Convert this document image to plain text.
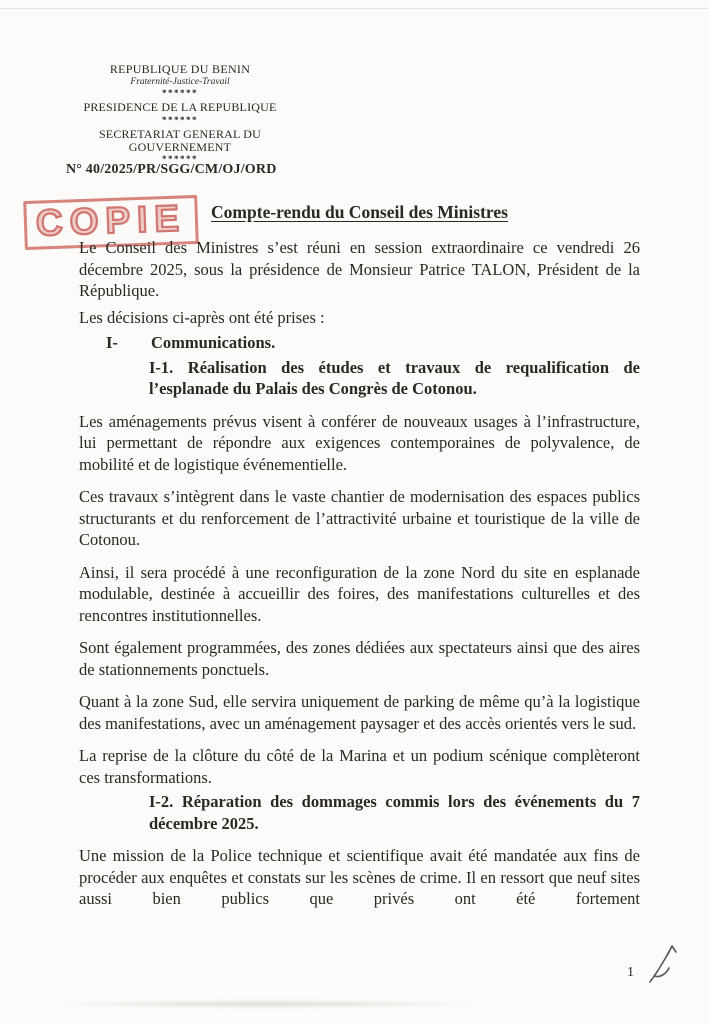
REPUBLIQUE DU BENIN
Fraternité-Justice-Travail
******
PRESIDENCE DE LA REPUBLIQUE
******
SECRETARIAT GENERAL DU
GOUVERNEMENT
******
N° 40/2025/PR/SGG/CM/OJ/ORD
COPIE	Compte-rendu du Conseil des Ministres

Le Conseil des Ministres s’est réuni en session extraordinaire ce vendredi 26 décembre 2025, sous la présidence de Monsieur Patrice TALON, Président de la République.

Les décisions ci-après ont été prises :

I- Communications.

I-1. Réalisation des études et travaux de requalification de l’esplanade du Palais des Congrès de Cotonou.

Les aménagements prévus visent à conférer de nouveaux usages à l’infrastructure, lui permettant de répondre aux exigences contemporaines de polyvalence, de mobilité et de logistique événementielle.

Ces travaux s’intègrent dans le vaste chantier de modernisation des espaces publics structurants et du renforcement de l’attractivité urbaine et touristique de la ville de Cotonou.

Ainsi, il sera procédé à une reconfiguration de la zone Nord du site en esplanade modulable, destinée à accueillir des foires, des manifestations culturelles et des rencontres institutionnelles.

Sont également programmées, des zones dédiées aux spectateurs ainsi que des aires de stationnements ponctuels.

Quant à la zone Sud, elle servira uniquement de parking de même qu’à la logistique des manifestations, avec un aménagement paysager et des accès orientés vers le sud.

La reprise de la clôture du côté de la Marina et un podium scénique complèteront ces transformations.

I-2. Réparation des dommages commis lors des événements du 7 décembre 2025.

Une mission de la Police technique et scientifique avait été mandatée aux fins de procéder aux enquêtes et constats sur les scènes de crime. Il en ressort que neuf sites aussi bien publics que privés ont été fortement

1
